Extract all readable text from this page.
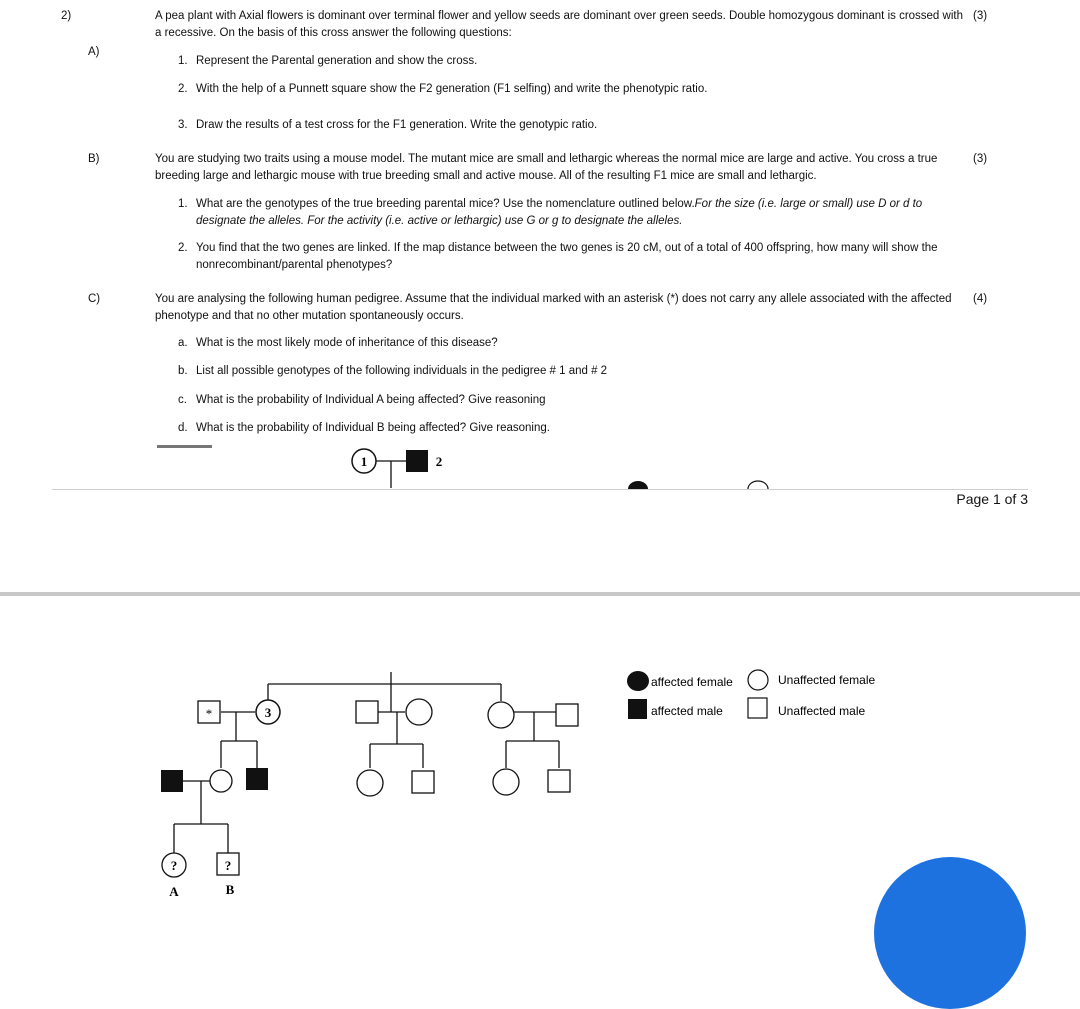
2)
A)
(3)
A pea plant with Axial flowers is dominant over terminal flower and yellow seeds are dominant over green seeds. Double homozygous dominant is crossed with a recessive. On the basis of this cross answer the following questions:
1. Represent the Parental generation and show the cross.
2. With the help of a Punnett square show the F2 generation (F1 selfing) and write the phenotypic ratio.
3. Draw the results of a test cross for the F1 generation. Write the genotypic ratio.
B)	(3)
You are studying two traits using a mouse model. The mutant mice are small and lethargic whereas the normal mice are large and active. You cross a true breeding large and lethargic mouse with true breeding small and active mouse. All of the resulting F1 mice are small and lethargic.
1. What are the genotypes of the true breeding parental mice? Use the nomenclature outlined below.For the size (i.e. large or small) use D or d to designate the alleles. For the activity (i.e. active or lethargic) use G or g to designate the alleles.
2. You find that the two genes are linked. If the map distance between the two genes is 20 cM, out of a total of 400 offspring, how many will show the nonrecombinant/parental phenotypes?
C)	(4)
You are analysing the following human pedigree. Assume that the individual marked with an asterisk (*) does not carry any allele associated with the affected phenotype and that no other mutation spontaneously occurs.
a. What is the most likely mode of inheritance of this disease?
b. List all possible genotypes of the following individuals in the pedigree # 1 and # 2
c. What is the probability of Individual A being affected? Give reasoning
d. What is the probability of Individual B being affected? Give reasoning.
1	2
Page 1 of 3
*	3
?
A
?
B
affected female	Unaffected female
affected male	Unaffected male
